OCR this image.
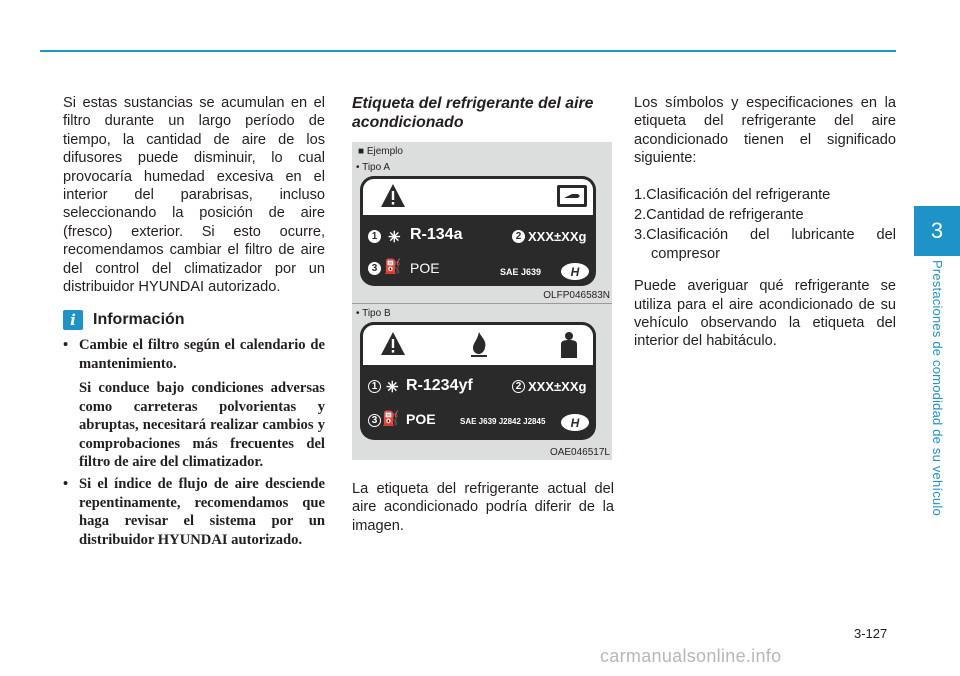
3
Prestaciones de comodidad de su vehículo

Si estas sustancias se acumulan en el filtro durante un largo período de tiempo, la cantidad de aire de los difusores puede disminuir, lo cual provocaría humedad excesiva en el interior del parabrisas, incluso seleccionando la posición de aire (fresco) exterior. Si esto ocurre, recomendamos cambiar el filtro de aire del control del climatizador por un distribuidor HYUNDAI autorizado.

i	Información

• Cambie el filtro según el calendario de mantenimiento.

Si conduce bajo condiciones adversas como carreteras polvorientas y abruptas, necesitará realizar cambios y comprobaciones más frecuentes del filtro de aire del climatizador.

• Si el índice de flujo de aire desciende repentinamente, recomendamos que haga revisar el sistema por un distribuidor HYUNDAI autorizado.

Etiqueta del refrigerante del aire acondicionado

■ Ejemplo
• Tipo A
1 ✳ R-134a	2 XXX±XXg
3 ⛽ POE	SAE J639	H
OLFP046583N
• Tipo B
1 ✳ R-1234yf	2 XXX±XXg
3 ⛽ POE	SAE J639 J2842 J2845	H
OAE046517L

La etiqueta del refrigerante actual del aire acondicionado podría diferir de la imagen.

Los símbolos y especificaciones en la etiqueta del refrigerante del aire acondicionado tienen el significado siguiente:

1.Clasificación del refrigerante
2.Cantidad de refrigerante
3.Clasificación del lubricante del compresor

Puede averiguar qué refrigerante se utiliza para el aire acondicionado de su vehículo observando la etiqueta del interior del habitáculo.

3-127
carmanualsonline.info
